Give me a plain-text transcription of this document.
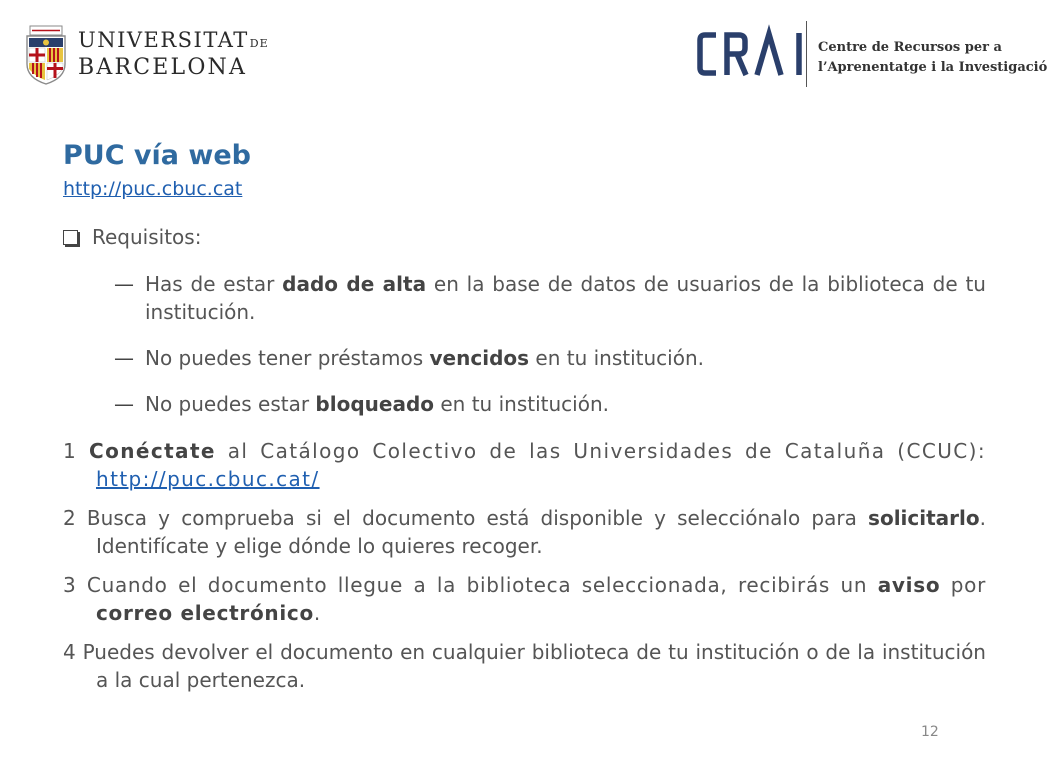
UNIVERSITATDE
BARCELONA
Centre de Recursos per a
l’Aprenentatge i la Investigació
PUC vía web
http://puc.cbuc.cat
Requisitos:
— Has de estar dado de alta en la base de datos de usuarios de la biblioteca de tu institución.
— No puedes tener préstamos vencidos en tu institución.
— No puedes estar bloqueado en tu institución.
1 Conéctate al Catálogo Colectivo de las Universidades de Cataluña (CCUC): http://puc.cbuc.cat/
2 Busca y comprueba si el documento está disponible y selecciónalo para solicitarlo. Identifícate y elige dónde lo quieres recoger.
3 Cuando el documento llegue a la biblioteca seleccionada, recibirás un aviso por correo electrónico.
4 Puedes devolver el documento en cualquier biblioteca de tu institución o de la institución a la cual pertenezca.
12
